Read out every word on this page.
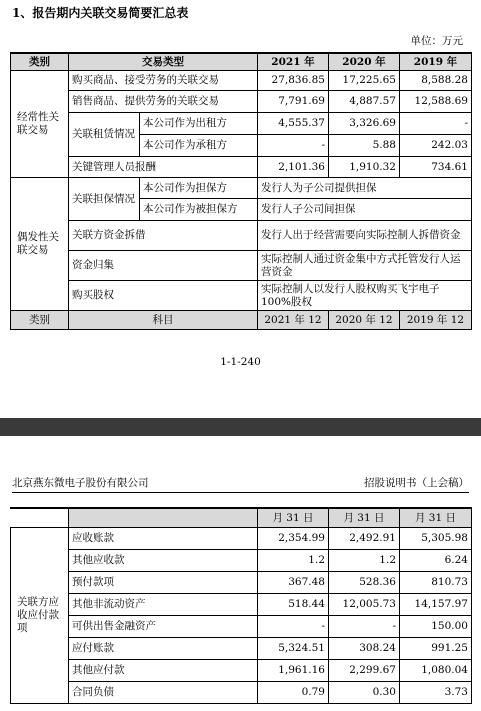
1、报告期内关联交易简要汇总表
单位：万元
类别	交易类型		2021 年	2020 年	2019 年
经常性关联交易	购买商品、接受劳务的关联交易		27,836.85	17,225.65	8,588.28
	销售商品、提供劳务的关联交易		7,791.69	4,887.57	12,588.69
	关联租赁情况	本公司作为出租方	4,555.37	3,326.69	-
		本公司作为承租方	-	5.88	242.03
	关键管理人员报酬		2,101.36	1,910.32	734.61
偶发性关联交易	关联担保情况	本公司作为担保方	发行人为子公司提供担保		
		本公司作为被担保方	发行人子公司间担保		
	关联方资金拆借		发行人出于经营需要向实际控制人拆借资金		
	资金归集		实际控制人通过资金集中方式托管发行人运营资金		
	购买股权		实际控制人以发行人股权购买飞宇电子100%股权		
类别	科目		2021 年 12	2020 年 12	2019 年 12
1-1-240
北京燕东微电子股份有限公司	招股说明书（上会稿）
		月 31 日	月 31 日	月 31 日
关联方应收应付款项	应收账款	2,354.99	2,492.91	5,305.98
	其他应收款	1.2	1.2	6.24
	预付款项	367.48	528.36	810.73
	其他非流动资产	518.44	12,005.73	14,157.97
	可供出售金融资产	-	-	150.00
	应付账款	5,324.51	308.24	991.25
	其他应付款	1,961.16	2,299.67	1,080.04
	合同负债	0.79	0.30	3.73
